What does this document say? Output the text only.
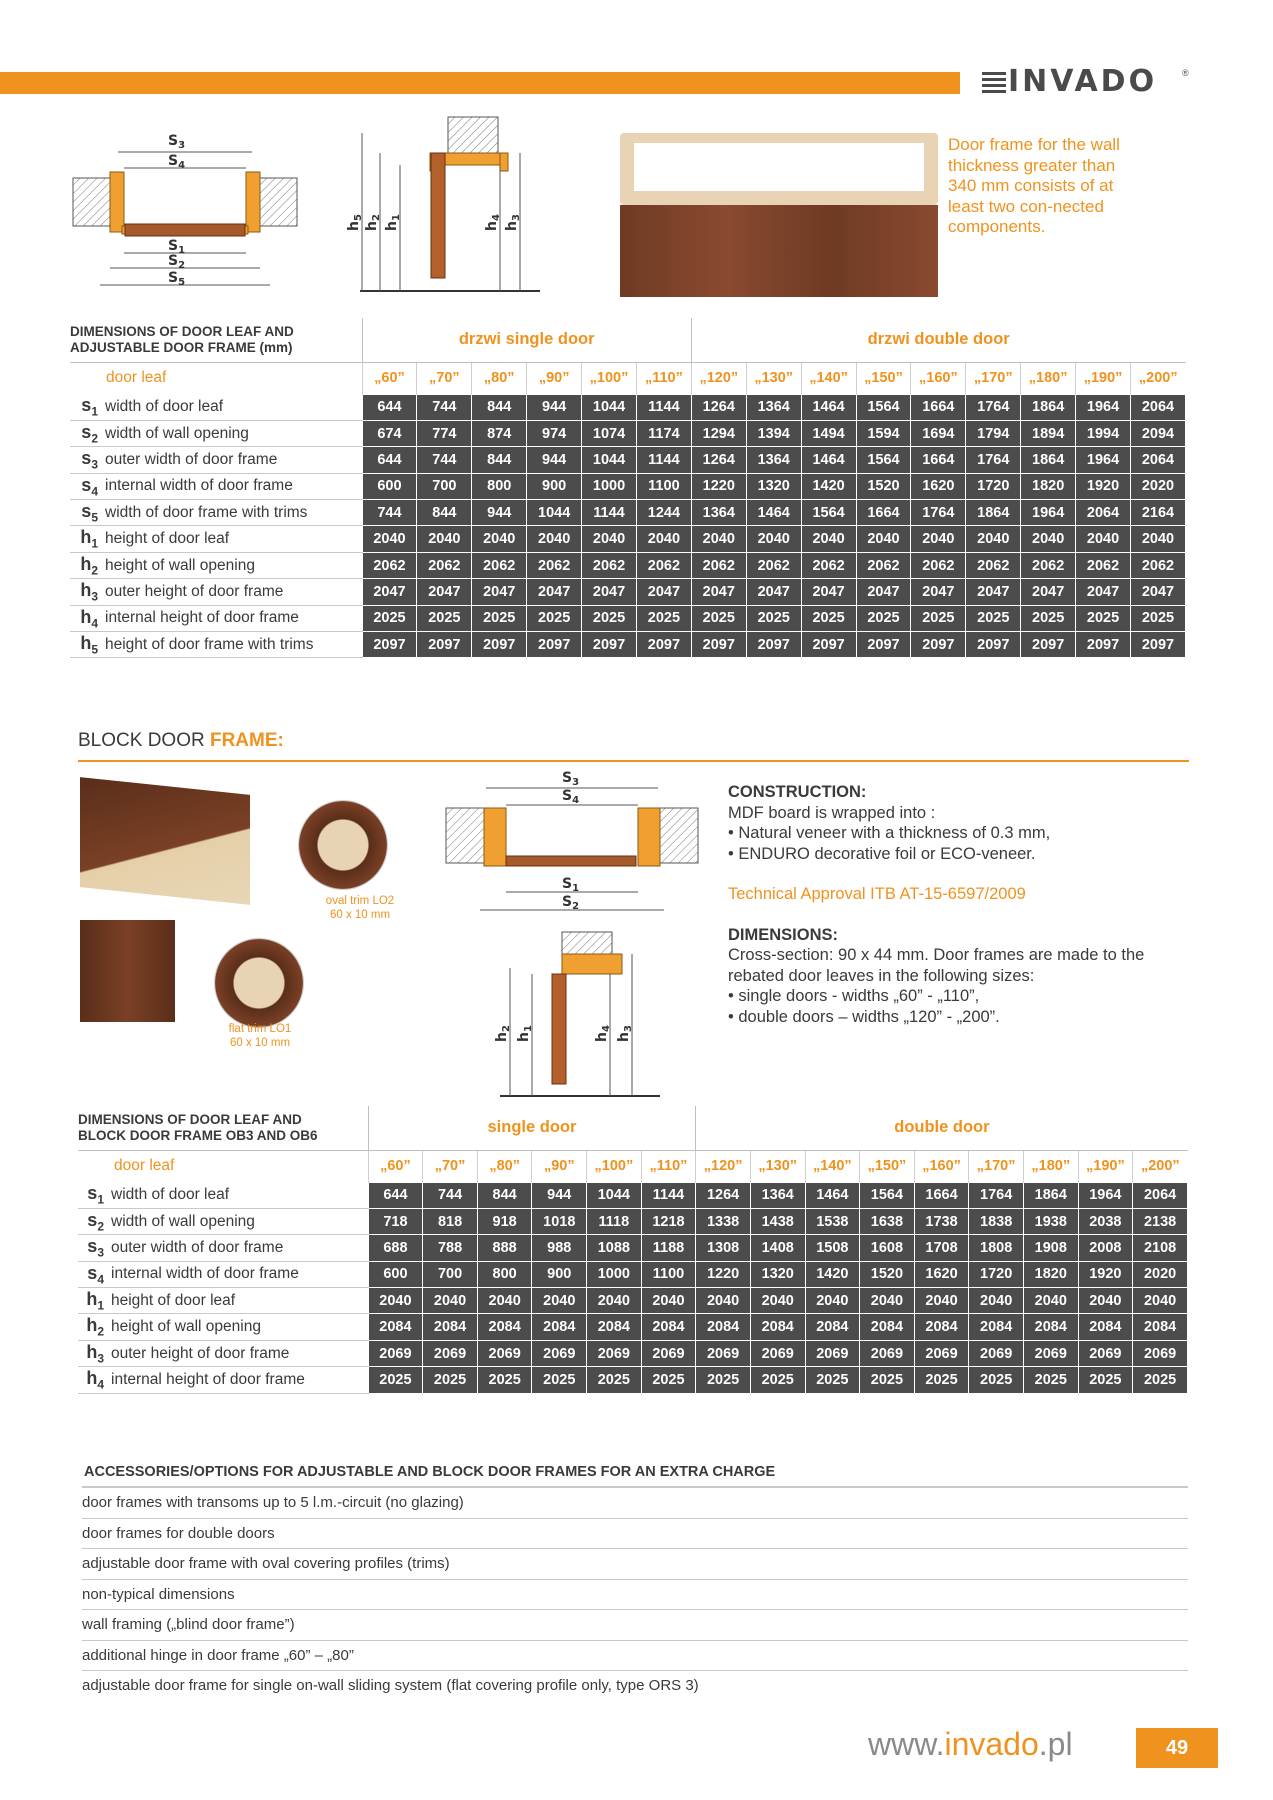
INVADO	®
$S_3$
$S_4$
$S_1$
$S_2$
$S_5$
$h_5$
$h_2$
$h_1$
$h_4$
$h_3$
Door frame for the wall thickness greater than 340 mm consists of at least two con-nected components.
DIMENSIONS OF DOOR LEAF AND
ADJUSTABLE DOOR FRAME (mm)		drzwi single door						drzwi double door								
door leaf		„60”	„70”	„80”	„90”	„100”	„110”	„120”	„130”	„140”	„150”	„160”	„170”	„180”	„190”	„200”
$s_1$	width of door leaf	644	744	844	944	1044	1144	1264	1364	1464	1564	1664	1764	1864	1964	2064
$s_2$	width of wall opening	674	774	874	974	1074	1174	1294	1394	1494	1594	1694	1794	1894	1994	2094
$s_3$	outer width of door frame	644	744	844	944	1044	1144	1264	1364	1464	1564	1664	1764	1864	1964	2064
$s_4$	internal width of door frame	600	700	800	900	1000	1100	1220	1320	1420	1520	1620	1720	1820	1920	2020
$s_5$	width of door frame with trims	744	844	944	1044	1144	1244	1364	1464	1564	1664	1764	1864	1964	2064	2164
$h_1$	height of door leaf	2040	2040	2040	2040	2040	2040	2040	2040	2040	2040	2040	2040	2040	2040	2040
$h_2$	height of wall opening	2062	2062	2062	2062	2062	2062	2062	2062	2062	2062	2062	2062	2062	2062	2062
$h_3$	outer height of door frame	2047	2047	2047	2047	2047	2047	2047	2047	2047	2047	2047	2047	2047	2047	2047
$h_4$	internal height of door frame	2025	2025	2025	2025	2025	2025	2025	2025	2025	2025	2025	2025	2025	2025	2025
$h_5$	height of door frame with trims	2097	2097	2097	2097	2097	2097	2097	2097	2097	2097	2097	2097	2097	2097	2097
BLOCK DOOR FRAME:
oval trim LO2
60 x 10 mm
flat trim LO1
60 x 10 mm
$S_3$
$S_4$
$S_1$
$S_2$
$h_2$
$h_1$
$h_4$
$h_3$
CONSTRUCTION:
MDF board is wrapped into :
• Natural veneer with a thickness of 0.3 mm,
• ENDURO decorative foil or ECO-veneer.
Technical Approval ITB AT-15-6597/2009
DIMENSIONS:
Cross-section: 90 x 44 mm. Door frames are made to the rebated door leaves in the following sizes:
• single doors - widths „60” - „110”,
• double doors – widths „120” - „200”.
DIMENSIONS OF DOOR LEAF AND
BLOCK DOOR FRAME OB3 AND OB6		single door						double door								
door leaf		„60”	„70”	„80”	„90”	„100”	„110”	„120”	„130”	„140”	„150”	„160”	„170”	„180”	„190”	„200”
$s_1$	width of door leaf	644	744	844	944	1044	1144	1264	1364	1464	1564	1664	1764	1864	1964	2064
$s_2$	width of wall opening	718	818	918	1018	1118	1218	1338	1438	1538	1638	1738	1838	1938	2038	2138
$s_3$	outer width of door frame	688	788	888	988	1088	1188	1308	1408	1508	1608	1708	1808	1908	2008	2108
$s_4$	internal width of door frame	600	700	800	900	1000	1100	1220	1320	1420	1520	1620	1720	1820	1920	2020
$h_1$	height of door leaf	2040	2040	2040	2040	2040	2040	2040	2040	2040	2040	2040	2040	2040	2040	2040
$h_2$	height of wall opening	2084	2084	2084	2084	2084	2084	2084	2084	2084	2084	2084	2084	2084	2084	2084
$h_3$	outer height of door frame	2069	2069	2069	2069	2069	2069	2069	2069	2069	2069	2069	2069	2069	2069	2069
$h_4$	internal height of door frame	2025	2025	2025	2025	2025	2025	2025	2025	2025	2025	2025	2025	2025	2025	2025
ACCESSORIES/OPTIONS FOR ADJUSTABLE AND BLOCK DOOR FRAMES FOR AN EXTRA CHARGE
door frames with transoms up to 5 l.m.-circuit (no glazing)
door frames for double doors
adjustable door frame with oval covering profiles (trims)
non-typical dimensions
wall framing („blind door frame”)
additional hinge in door frame „60” – „80”
adjustable door frame for single on-wall sliding system (flat covering profile only, type ORS 3)
www.invado.pl	49
